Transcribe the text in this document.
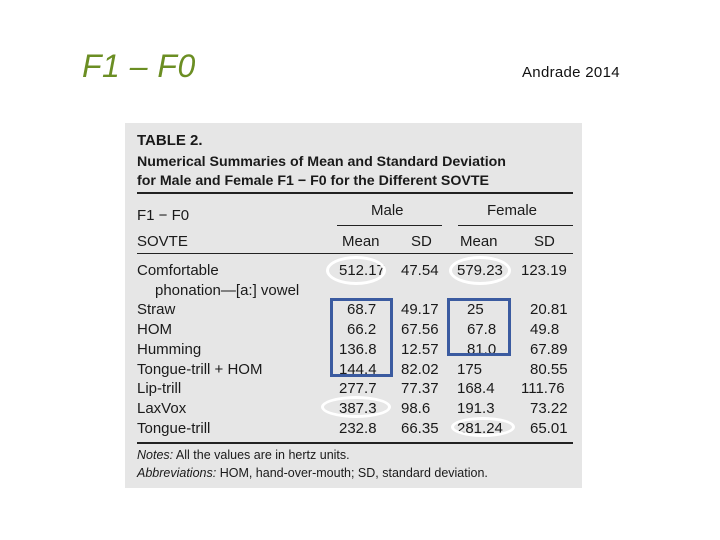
F1 – F0	Andrade 2014
TABLE 2.
Numerical Summaries of Mean and Standard Deviation
for Male and Female F1 − F0 for the Different SOVTE
F1 − F0	Male	Female
SOVTE	Mean SD Mean SD
Comfortable
phonation—[a:] vowel
512.17 47.54 579.23 123.19
Straw	68.7 49.17 25	20.81
HOM	66.2 67.56 67.8 49.8
Humming	136.8 12.57 81.0 67.89
Tongue-trill + HOM	144.4 82.02 175	80.55
Lip-trill	277.7 77.37 168.4 111.76
LaxVox	387.3 98.6 191.3 73.22
Tongue-trill	232.8 66.35 281.24 65.01
Notes: All the values are in hertz units.
Abbreviations: HOM, hand-over-mouth; SD, standard deviation.
